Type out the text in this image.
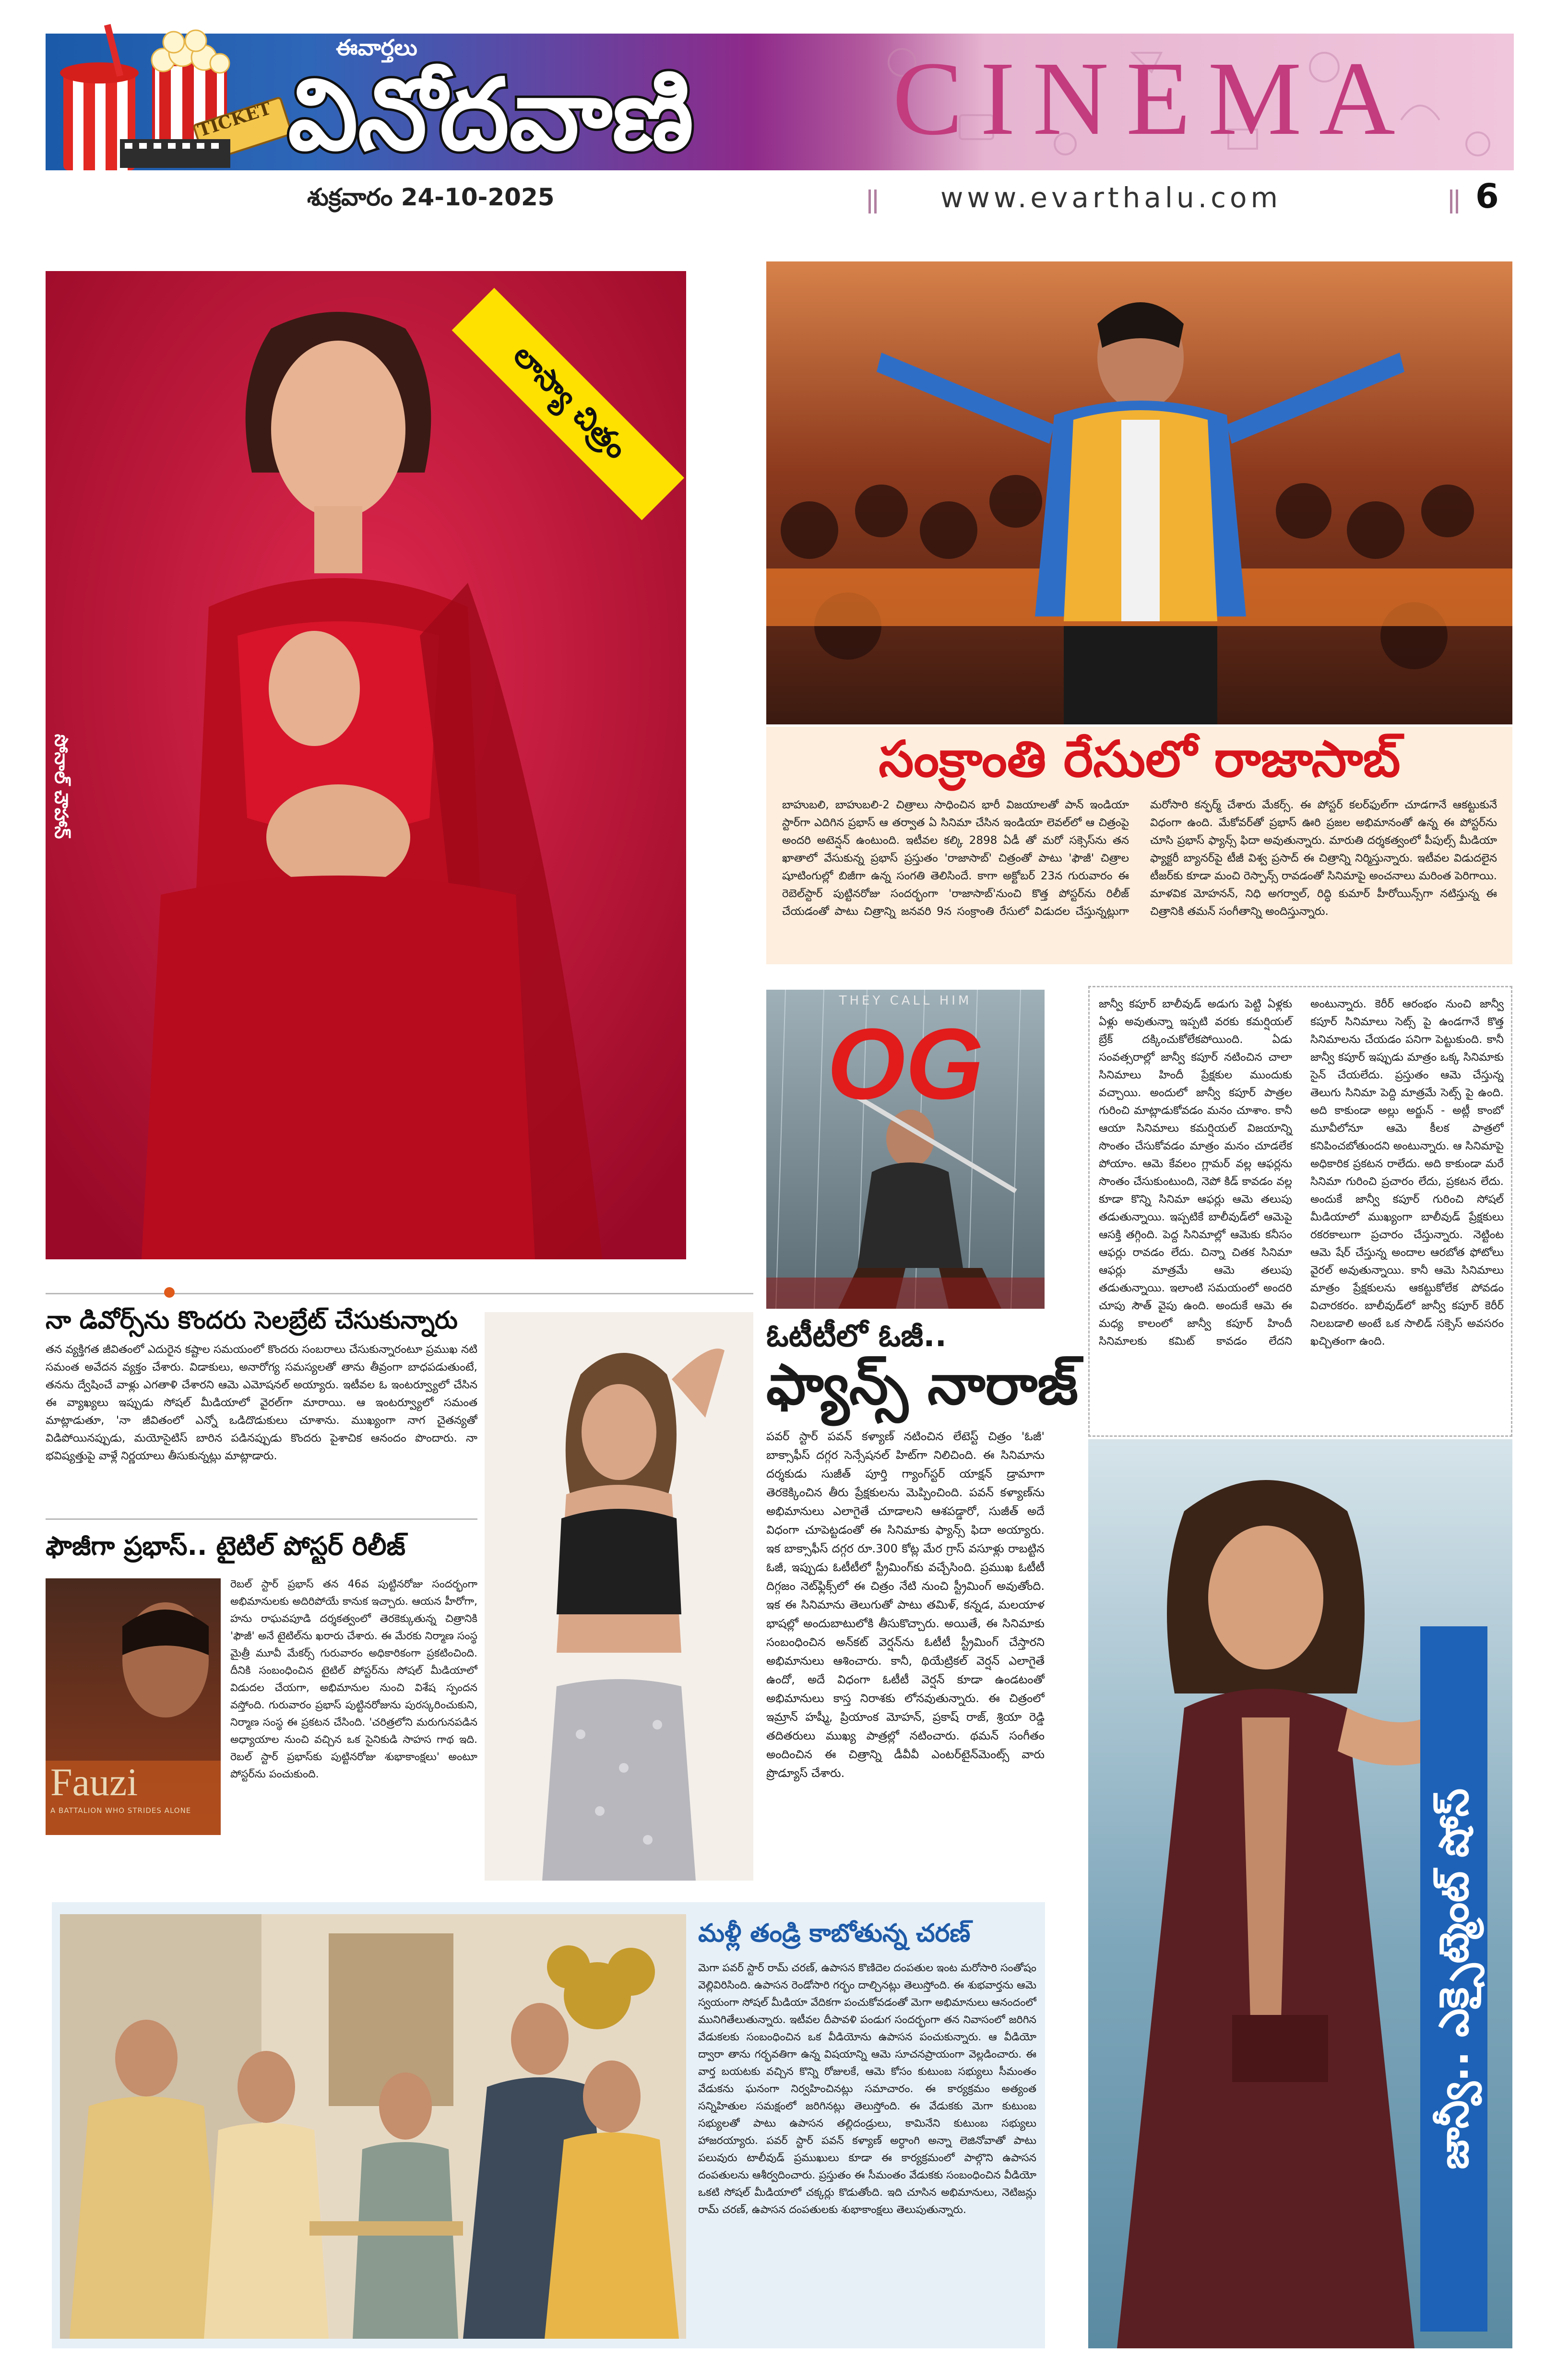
TICKET
ఈవార్తలు
వినోదవాణి	CINEMA
శుక్రవారం 24-10-2025	www.evarthalu.com	6
సోనాల్ చౌహాన్
లాస్యా చిత్రం
సంక్రాంతి రేసులో రాజాసాబ్
బాహుబలి, బాహుబలి-2 చిత్రాలు సాధించిన భారీ విజయాలతో పాన్ ఇండియా స్టార్‌గా ఎదిగిన ప్రభాస్ ఆ తర్వాత ఏ సినిమా చేసిన ఇండియా లెవల్‌లో ఆ చిత్రంపై అందరి అటెన్షన్ ఉంటుంది. ఇటీవల కల్కి 2898 ఏడీ తో మరో సక్సెస్‌ను తన ఖాతాలో వేసుకున్న ప్రభాస్ ప్రస్తుతం 'రాజాసాబ్' చిత్రంతో పాటు 'ఫౌజీ' చిత్రాల షూటింగుల్లో బిజీగా ఉన్న సంగతి తెలిసిందే. కాగా అక్టోబర్ 23న గురువారం ఈ రెబెల్‌స్టార్ పుట్టినరోజు సందర్భంగా 'రాజాసాబ్'నుంచి కొత్త పోస్టర్‌ను రిలీజ్ చేయడంతో పాటు చిత్రాన్ని జనవరి 9న సంక్రాంతి రేసులో విడుదల చేస్తున్నట్లుగా మరోసారి కన్ఫర్మ్ చేశారు మేకర్స్. ఈ పోస్టర్ కలర్‌ఫుల్‌గా చూడగానే ఆకట్టుకునే విధంగా ఉంది. మేకోవర్‌తో ప్రభాస్ ఊరి ప్రజల అభిమానంతో ఉన్న ఈ పోస్టర్‌ను చూసి ప్రభాస్ ఫ్యాన్స్ ఫిదా అవుతున్నారు. మారుతి దర్శకత్వంలో పీపుల్స్ మీడియా ఫ్యాక్టరీ బ్యానర్‌పై టీజీ విశ్వ ప్రసాద్ ఈ చిత్రాన్ని నిర్మిస్తున్నారు. ఇటీవల విడుదలైన టీజర్‌కు కూడా మంచి రెస్పాన్స్ రావడంతో సినిమాపై అంచనాలు మరింత పెరిగాయి. మాళవిక మోహనన్, నిధి అగర్వాల్, రిద్ధి కుమార్ హీరోయిన్స్‌గా నటిస్తున్న ఈ చిత్రానికి తమన్ సంగీతాన్ని అందిస్తున్నారు.
THEY CALL HIM
OG
ఓటీటీలో ఓజీ..
ఫ్యాన్స్ నారాజ్
పవర్ స్టార్ పవన్ కళ్యాణ్ నటించిన లేటెస్ట్ చిత్రం 'ఓజీ' బాక్సాఫీస్ దగ్గర సెన్సేషనల్ హిట్‌గా నిలిచింది. ఈ సినిమాను దర్శకుడు సుజీత్ పూర్తి గ్యాంగ్‌స్టర్ యాక్షన్ డ్రామాగా తెరకెక్కించిన తీరు ప్రేక్షకులను మెప్పించింది. పవన్ కళ్యాణ్‌ను అభిమానులు ఎలాగైతే చూడాలని ఆశపడ్డారో, సుజీత్ అదే విధంగా చూపెట్టడంతో ఈ సినిమాకు ఫ్యాన్స్ ఫిదా అయ్యారు. ఇక బాక్సాఫీస్ దగ్గర రూ.300 కోట్ల మేర గ్రాస్ వసూళ్లు రాబట్టిన ఓజీ, ఇప్పుడు ఓటీటీలో స్ట్రీమింగ్‌కు వచ్చేసింది. ప్రముఖ ఓటీటీ దిగ్గజం నెట్‌ఫ్లిక్స్‌లో ఈ చిత్రం నేటి నుంచి స్ట్రీమింగ్ అవుతోంది. ఇక ఈ సినిమాను తెలుగుతో పాటు తమిళ్, కన్నడ, మలయాళ భాషల్లో అందుబాటులోకి తీసుకొచ్చారు. అయితే, ఈ సినిమాకు సంబంధించిన అన్‌కట్ వెర్షన్‌ను ఓటీటీ స్ట్రీమింగ్ చేస్తారని అభిమానులు ఆశించారు. కానీ, థియేట్రికల్ వెర్షన్ ఎలాగైతే ఉందో, అదే విధంగా ఓటీటీ వెర్షన్ కూడా ఉండటంతో అభిమానులు కాస్త నిరాశకు లోనవుతున్నారు. ఈ చిత్రంలో ఇమ్రాన్ హష్మీ, ప్రియాంక మోహన్, ప్రకాష్ రాజ్, శ్రియా రెడ్డి తదితరులు ముఖ్య పాత్రల్లో నటించారు. థమన్ సంగీతం అందించిన ఈ చిత్రాన్ని డీవీవీ ఎంటర్‌టైన్‌మెంట్స్ వారు ప్రొడ్యూస్ చేశారు.
జాన్వీ కపూర్ బాలీవుడ్ అడుగు పెట్టి ఏళ్లకు ఏళ్లు అవుతున్నా ఇప్పటి వరకు కమర్షియల్ బ్రేక్ దక్కించుకోలేకపోయింది. ఏడు సంవత్సరాల్లో జాన్వీ కపూర్ నటించిన చాలా సినిమాలు హిందీ ప్రేక్షకుల ముందుకు వచ్చాయి. అందులో జాన్వీ కపూర్ పాత్రల గురించి మాట్లాడుకోవడం మనం చూశాం. కానీ ఆయా సినిమాలు కమర్షియల్ విజయాన్ని సొంతం చేసుకోవడం మాత్రం మనం చూడలేక పోయాం. ఆమె కేవలం గ్లామర్ వల్ల ఆఫర్లను సొంతం చేసుకుంటుంది, నెపో కిడ్ కావడం వల్ల కూడా కొన్ని సినిమా ఆఫర్లు ఆమె తలుపు తడుతున్నాయి. ఇప్పటికే బాలీవుడ్‌లో ఆమెపై ఆసక్తి తగ్గింది. పెద్ద సినిమాల్లో ఆమెకు కనీసం ఆఫర్లు రావడం లేదు. చిన్నా చితక సినిమా ఆఫర్లు మాత్రమే ఆమె తలుపు తడుతున్నాయి. ఇలాంటి సమయంలో అందరి చూపు సౌత్ వైపు ఉంది. అందుకే ఆమె ఈ మధ్య కాలంలో జాన్వీ కపూర్ హిందీ సినిమాలకు కమిట్ కావడం లేదని అంటున్నారు. కెరీర్ ఆరంభం నుంచి జాన్వీ కపూర్ సినిమాలు సెట్స్ పై ఉండగానే కొత్త సినిమాలను చేయడం పనిగా పెట్టుకుంది. కానీ జాన్వీ కపూర్ ఇప్పుడు మాత్రం ఒక్క సినిమాకు సైన్ చేయలేదు. ప్రస్తుతం ఆమె చేస్తున్న తెలుగు సినిమా పెద్ది మాత్రమే సెట్స్ పై ఉంది. అది కాకుండా అల్లు అర్జున్ - అట్లీ కాంబో మూవీలోనూ ఆమె కీలక పాత్రలో కనిపించబోతుందని అంటున్నారు. ఆ సినిమాపై అధికారిక ప్రకటన రాలేదు. అది కాకుండా మరే సినిమా గురించి ప్రచారం లేదు, ప్రకటన లేదు. అందుకే జాన్వీ కపూర్ గురించి సోషల్ మీడియాలో ముఖ్యంగా బాలీవుడ్ ప్రేక్షకులు రకరకాలుగా ప్రచారం చేస్తున్నారు. నెట్టింట ఆమె షేర్ చేస్తున్న అందాల ఆరబోత ఫోటోలు వైరల్ అవుతున్నాయి. కానీ ఆమె సినిమాలు మాత్రం ప్రేక్షకులను ఆకట్టుకోలేక పోవడం విచారకరం. బాలీవుడ్‌లో జాన్వీ కపూర్ కెరీర్ నిలబడాలి అంటే ఒక సాలిడ్ సక్సెస్ అవసరం ఖచ్చితంగా ఉంది.
జాన్వీ.. ఎక్సైట్మెంట్ షోస్
నా డివోర్స్‌ను కొందరు సెలబ్రేట్ చేసుకున్నారు
తన వ్యక్తిగత జీవితంలో ఎదురైన కష్టాల సమయంలో కొందరు సంబరాలు చేసుకున్నారంటూ ప్రముఖ నటి సమంత అవేదన వ్యక్తం చేశారు. విడాకులు, అనారోగ్య సమస్యలతో తాను తీవ్రంగా బాధపడుతుంటే, తనను ద్వేషించే వాళ్లు ఎగతాళి చేశారని ఆమె ఎమోషనల్ అయ్యారు. ఇటీవల ఓ ఇంటర్వ్యూలో చేసిన ఈ వ్యాఖ్యలు ఇప్పుడు సోషల్ మీడియాలో వైరల్‌గా మారాయి. ఆ ఇంటర్వ్యూలో సమంత మాట్లాడుతూ, 'నా జీవితంలో ఎన్నో ఒడిదొడుకులు చూశాను. ముఖ్యంగా నాగ చైతన్యతో విడిపోయినప్పుడు, మయోసైటిస్ బారిన పడినప్పుడు కొందరు పైశాచిక ఆనందం పొందారు. నా భవిష్యత్తుపై వాళ్లే నిర్ణయాలు తీసుకున్నట్లు మాట్లాడారు.
ఫౌజీగా ప్రభాస్.. టైటిల్ పోస్టర్ రిలీజ్
Fauzi
A BATTALION WHO STRIDES ALONE
రెబల్ స్టార్ ప్రభాస్ తన 46వ పుట్టినరోజు సందర్భంగా అభిమానులకు అదిరిపోయే కానుక ఇచ్చారు. ఆయన హీరోగా, హను రాఘవపూడి దర్శకత్వంలో తెరకెక్కుతున్న చిత్రానికి 'ఫౌజీ' అనే టైటిల్‌ను ఖరారు చేశారు. ఈ మేరకు నిర్మాణ సంస్థ మైత్రీ మూవీ మేకర్స్ గురువారం అధికారికంగా ప్రకటించింది. దీనికి సంబంధించిన టైటిల్ పోస్టర్‌ను సోషల్ మీడియాలో విడుదల చేయగా, అభిమానుల నుంచి విశేష స్పందన వస్తోంది. గురువారం ప్రభాస్ పుట్టినరోజును పురస్కరించుకుని, నిర్మాణ సంస్థ ఈ ప్రకటన చేసింది. 'చరిత్రలోని మరుగునపడిన అధ్యాయాల నుంచి వచ్చిన ఒక సైనికుడి సాహస గాథ ఇది. రెబల్ స్టార్ ప్రభాస్‌కు పుట్టినరోజు శుభాకాంక్షలు' అంటూ పోస్టర్‌ను పంచుకుంది.
మళ్లీ తండ్రి కాబోతున్న చరణ్
మెగా పవర్ స్టార్ రామ్ చరణ్, ఉపాసన కొణిదెల దంపతుల ఇంట మరోసారి సంతోషం వెల్లివిరిసింది. ఉపాసన రెండోసారి గర్భం దాల్చినట్లు తెలుస్తోంది. ఈ శుభవార్తను ఆమె స్వయంగా సోషల్ మీడియా వేదికగా పంచుకోవడంతో మెగా అభిమానులు ఆనందంలో మునిగితేలుతున్నారు. ఇటీవల దీపావళి పండుగ సందర్భంగా తన నివాసంలో జరిగిన వేడుకలకు సంబంధించిన ఒక వీడియోను ఉపాసన పంచుకున్నారు. ఆ వీడియో ద్వారా తాను గర్భవతిగా ఉన్న విషయాన్ని ఆమె సూచనప్రాయంగా వెల్లడించారు. ఈ వార్త బయటకు వచ్చిన కొన్ని రోజులకే, ఆమె కోసం కుటుంబ సభ్యులు సీమంతం వేడుకను ఘనంగా నిర్వహించినట్లు సమాచారం. ఈ కార్యక్రమం అత్యంత సన్నిహితుల సమక్షంలో జరిగినట్లు తెలుస్తోంది. ఈ వేడుకకు మెగా కుటుంబ సభ్యులతో పాటు ఉపాసన తల్లిదండ్రులు, కామినేని కుటుంబ సభ్యులు హాజరయ్యారు. పవర్ స్టార్ పవన్ కళ్యాణ్ అర్ధాంగి అన్నా లెజినోవాతో పాటు పలువురు టాలీవుడ్ ప్రముఖులు కూడా ఈ కార్యక్రమంలో పాల్గొని ఉపాసన దంపతులను ఆశీర్వదించారు. ప్రస్తుతం ఈ సీమంతం వేడుకకు సంబంధించిన వీడియో ఒకటి సోషల్ మీడియాలో చక్కర్లు కొడుతోంది. ఇది చూసిన అభిమానులు, నెటిజన్లు రామ్ చరణ్, ఉపాసన దంపతులకు శుభాకాంక్షలు తెలుపుతున్నారు.
